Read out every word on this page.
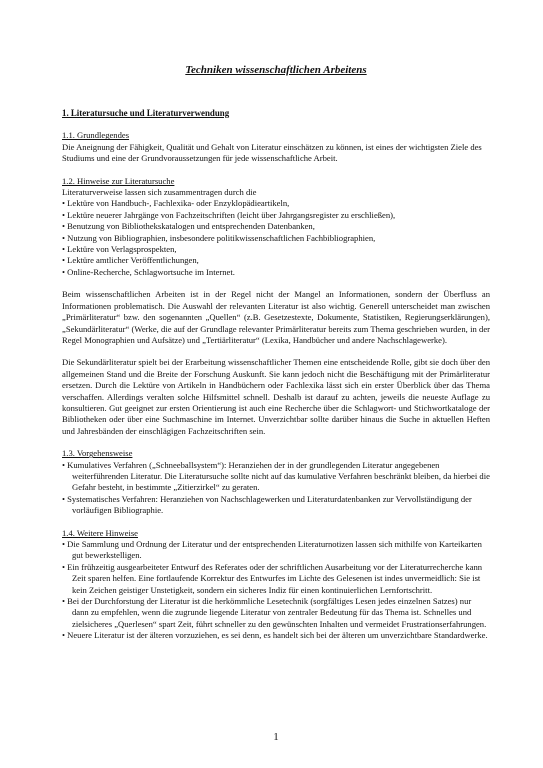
Techniken wissenschaftlichen Arbeitens
1. Literatursuche und Literaturverwendung
1.1. Grundlegendes

Die Aneignung der Fähigkeit, Qualität und Gehalt von Literatur einschätzen zu können, ist eines der wichtigsten Ziele des Studiums und eine der Grundvoraussetzungen für jede wissenschaftliche Arbeit.

1.2. Hinweise zur Literatursuche

Literaturverweise lassen sich zusammentragen durch die

• Lektüre von Handbuch-, Fachlexika- oder Enzyklopädieartikeln,
• Lektüre neuerer Jahrgänge von Fachzeitschriften (leicht über Jahrgangsregister zu erschließen),
• Benutzung von Bibliothekskatalogen und entsprechenden Datenbanken,
• Nutzung von Bibliographien, insbesondere politikwissenschaftlichen Fachbibliographien,
• Lektüre von Verlagsprospekten,
• Lektüre amtlicher Veröffentlichungen,
• Online-Recherche, Schlagwortsuche im Internet.

Beim wissenschaftlichen Arbeiten ist in der Regel nicht der Mangel an Informationen, sondern der Überfluss an Informationen problematisch. Die Auswahl der relevanten Literatur ist also wichtig. Generell unterscheidet man zwischen „Primärliteratur“ bzw. den sogenannten „Quellen“ (z.B. Gesetzestexte, Dokumente, Statistiken, Regierungserklärungen), „Sekundärliteratur“ (Werke, die auf der Grundlage relevanter Primärliteratur bereits zum Thema geschrieben wurden, in der Regel Monographien und Aufsätze) und „Tertiärliteratur“ (Lexika, Handbücher und andere Nachschlagewerke).

Die Sekundärliteratur spielt bei der Erarbeitung wissenschaftlicher Themen eine entscheidende Rolle, gibt sie doch über den allgemeinen Stand und die Breite der Forschung Auskunft. Sie kann jedoch nicht die Beschäftigung mit der Primärliteratur ersetzen. Durch die Lektüre von Artikeln in Handbüchern oder Fachlexika lässt sich ein erster Überblick über das Thema verschaffen. Allerdings veralten solche Hilfsmittel schnell. Deshalb ist darauf zu achten, jeweils die neueste Auflage zu konsultieren. Gut geeignet zur ersten Orientierung ist auch eine Recherche über die Schlagwort- und Stichwortkataloge der Bibliotheken oder über eine Suchmaschine im Internet. Unverzichtbar sollte darüber hinaus die Suche in aktuellen Heften und Jahresbänden der einschlägigen Fachzeitschriften sein.

1.3. Vorgehensweise
• Kumulatives Verfahren („Schneeballsystem“): Heranziehen der in der grundlegenden Literatur angegebenen weiterführenden Literatur. Die Literatursuche sollte nicht auf das kumulative Verfahren beschränkt bleiben, da hierbei die Gefahr besteht, in bestimmte „Zitierzirkel“ zu geraten.
• Systematisches Verfahren: Heranziehen von Nachschlagewerken und Literaturdatenbanken zur Vervollständigung der vorläufigen Bibliographie.
1.4. Weitere Hinweise
• Die Sammlung und Ordnung der Literatur und der entsprechenden Literaturnotizen lassen sich mithilfe von Karteikarten gut bewerkstelligen.
• Ein frühzeitig ausgearbeiteter Entwurf des Referates oder der schriftlichen Ausarbeitung vor der Literaturrecherche kann Zeit sparen helfen. Eine fortlaufende Korrektur des Entwurfes im Lichte des Gelesenen ist indes unvermeidlich: Sie ist kein Zeichen geistiger Unstetigkeit, sondern ein sicheres Indiz für einen kontinuierlichen Lernfortschritt.
• Bei der Durchforstung der Literatur ist die herkömmliche Lesetechnik (sorgfältiges Lesen jedes einzelnen Satzes) nur dann zu empfehlen, wenn die zugrunde liegende Literatur von zentraler Bedeutung für das Thema ist. Schnelles und zielsicheres „Querlesen“ spart Zeit, führt schneller zu den gewünschten Inhalten und vermeidet Frustrationserfahrungen.
• Neuere Literatur ist der älteren vorzuziehen, es sei denn, es handelt sich bei der älteren um unverzichtbare Standardwerke.
1
